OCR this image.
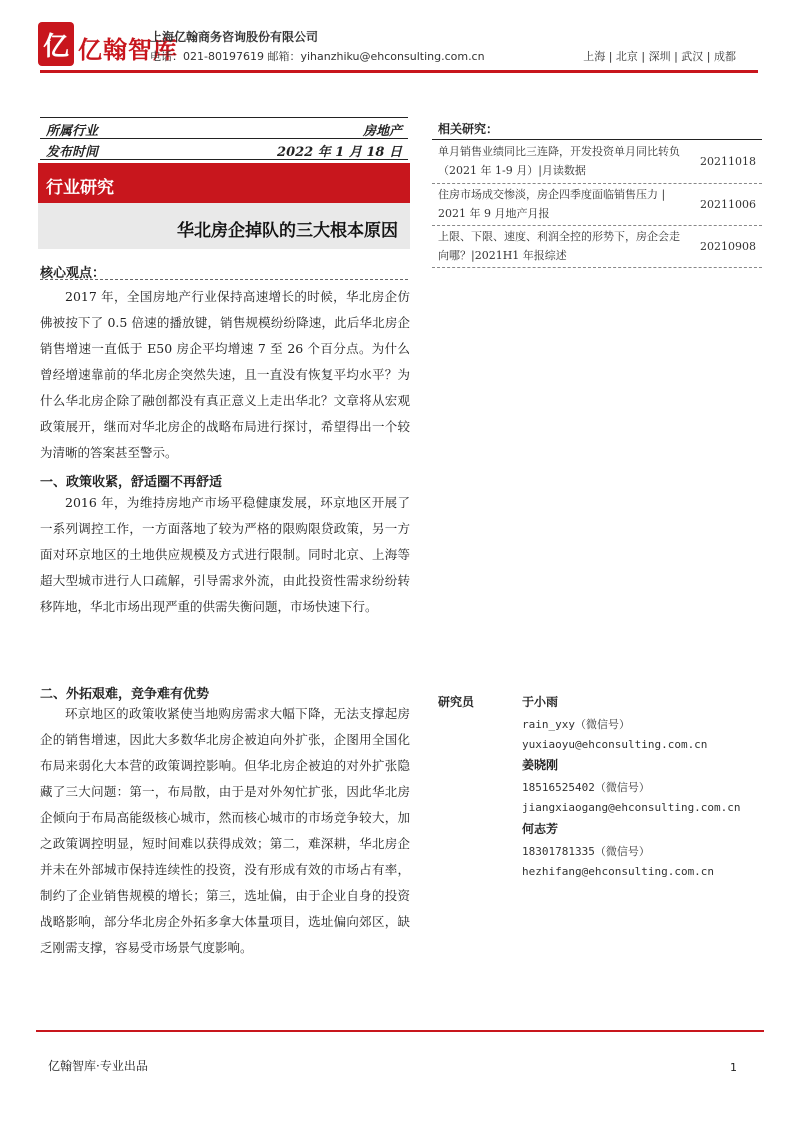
亿 亿翰智库
上海亿翰商务咨询股份有限公司
电话：021-80197619 邮箱：yihanzhiku@ehconsulting.com.cn	上海 | 北京 | 深圳 | 武汉 | 成都
所属行业	房地产
发布时间	2022 年 1 月 18 日
行业研究
华北房企掉队的三大根本原因
核心观点：

2017 年，全国房地产行业保持高速增长的时候，华北房企仿佛被按下了 0.5 倍速的播放键，销售规模纷纷降速，此后华北房企销售增速一直低于 E50 房企平均增速 7 至 26 个百分点。为什么曾经增速靠前的华北房企突然失速，且一直没有恢复平均水平？为什么华北房企除了融创都没有真正意义上走出华北？文章将从宏观政策展开，继而对华北房企的战略布局进行探讨，希望得出一个较为清晰的答案甚至警示。

一、政策收紧，舒适圈不再舒适

2016 年，为维持房地产市场平稳健康发展，环京地区开展了一系列调控工作，一方面落地了较为严格的限购限贷政策，另一方面对环京地区的土地供应规模及方式进行限制。同时北京、上海等超大型城市进行人口疏解，引导需求外流，由此投资性需求纷纷转移阵地，华北市场出现严重的供需失衡问题，市场快速下行。

二、外拓艰难，竞争难有优势

环京地区的政策收紧使当地购房需求大幅下降，无法支撑起房企的销售增速，因此大多数华北房企被迫向外扩张，企图用全国化布局来弱化大本营的政策调控影响。但华北房企被迫的对外扩张隐藏了三大问题：第一，布局散，由于是对外匆忙扩张，因此华北房企倾向于布局高能级核心城市，然而核心城市的市场竞争较大，加之政策调控明显，短时间难以获得成效；第二，难深耕，华北房企并未在外部城市保持连续性的投资，没有形成有效的市场占有率，制约了企业销售规模的增长；第三，选址偏，由于企业自身的投资战略影响，部分华北房企外拓多拿大体量项目，选址偏向郊区，缺乏刚需支撑，容易受市场景气度影响。

相关研究：
单月销售业绩同比三连降，开发投资单月同比转负（2021 年 1-9 月）|月读数据
20211018
住房市场成交惨淡，房企四季度面临销售压力 | 2021 年 9 月地产月报
20211006
上限、下限、速度、利润全控的形势下，房企会走向哪？|2021H1 年报综述
20210908
研究员	于小雨
rain_yxy（微信号）
yuxiaoyu@ehconsulting.com.cn
姜晓刚
18516525402（微信号）
jiangxiaogang@ehconsulting.com.cn
何志芳
18301781335（微信号）
hezhifang@ehconsulting.com.cn
亿翰智库·专业出品	1
